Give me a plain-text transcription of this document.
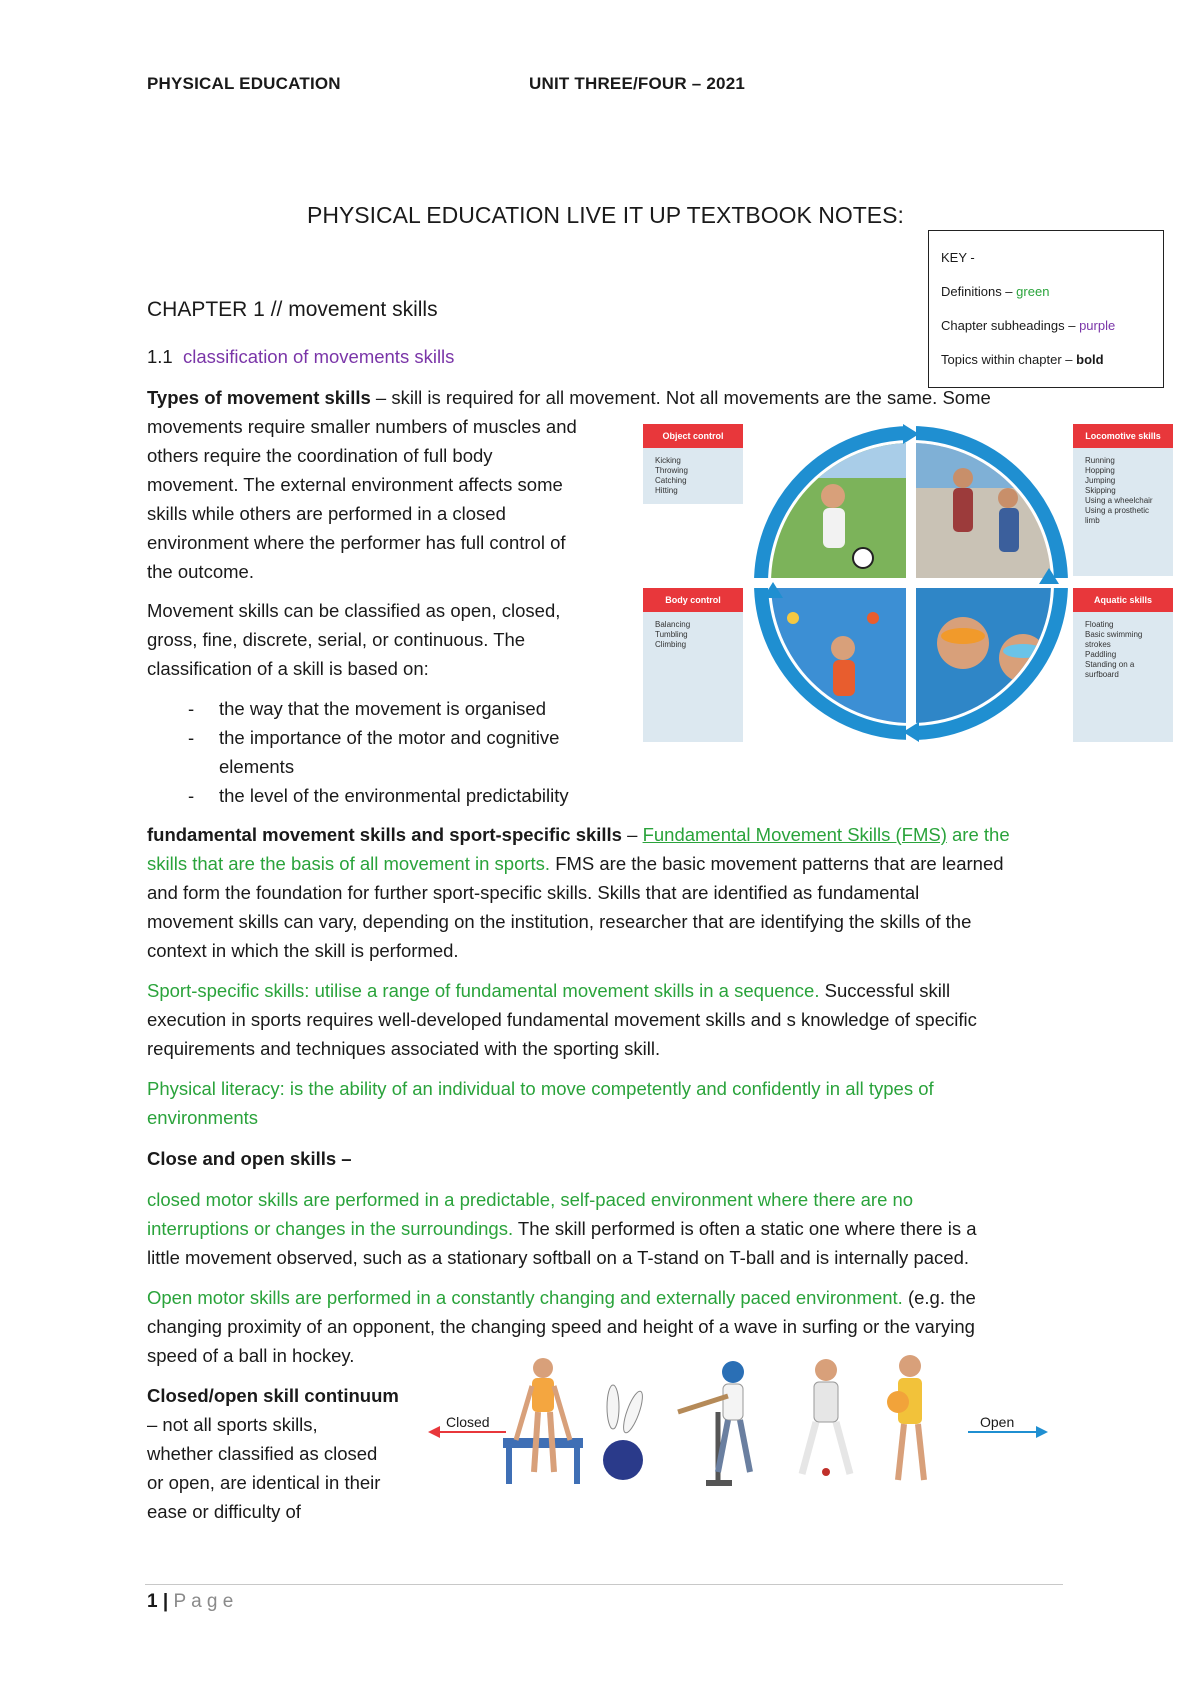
PHYSICAL EDUCATION	UNIT THREE/FOUR – 2021
PHYSICAL EDUCATION LIVE IT UP TEXTBOOK NOTES:
KEY -
Definitions – green
Chapter subheadings – purple
Topics within chapter – bold
CHAPTER 1 // movement skills
1.1 classification of movements skills
Types of movement skills – skill is required for all movement. Not all movements are the same. Some
movements require smaller numbers of muscles and
others require the coordination of full body
movement. The external environment affects some
skills while others are performed in a closed
environment where the performer has full control of
the outcome.
Movement skills can be classified as open, closed,
gross, fine, discrete, serial, or continuous. The
classification of a skill is based on:
- the way that the movement is organised
- the importance of the motor and cognitive
elements
- the level of the environmental predictability
Object control
Kicking
Throwing
Catching
Hitting
Body control
Balancing
Tumbling
Climbing
Locomotive skills
Running
Hopping
Jumping
Skipping
Using a wheelchair
Using a prosthetic limb
Aquatic skills
Floating
Basic swimming strokes
Paddling
Standing on a surfboard
fundamental movement skills and sport-specific skills – Fundamental Movement Skills (FMS) are the
skills that are the basis of all movement in sports. FMS are the basic movement patterns that are learned
and form the foundation for further sport-specific skills. Skills that are identified as fundamental
movement skills can vary, depending on the institution, researcher that are identifying the skills of the
context in which the skill is performed.
Sport-specific skills: utilise a range of fundamental movement skills in a sequence. Successful skill
execution in sports requires well-developed fundamental movement skills and s knowledge of specific
requirements and techniques associated with the sporting skill.
Physical literacy: is the ability of an individual to move competently and confidently in all types of
environments
Close and open skills –
closed motor skills are performed in a predictable, self-paced environment where there are no
interruptions or changes in the surroundings. The skill performed is often a static one where there is a
little movement observed, such as a stationary softball on a T-stand on T-ball and is internally paced.
Open motor skills are performed in a constantly changing and externally paced environment. (e.g. the
changing proximity of an opponent, the changing speed and height of a wave in surfing or the varying
speed of a ball in hockey.
Closed/open skill continuum
– not all sports skills,
whether classified as closed
or open, are identical in their
ease or difficulty of
Closed	Open
1 | P a g e
